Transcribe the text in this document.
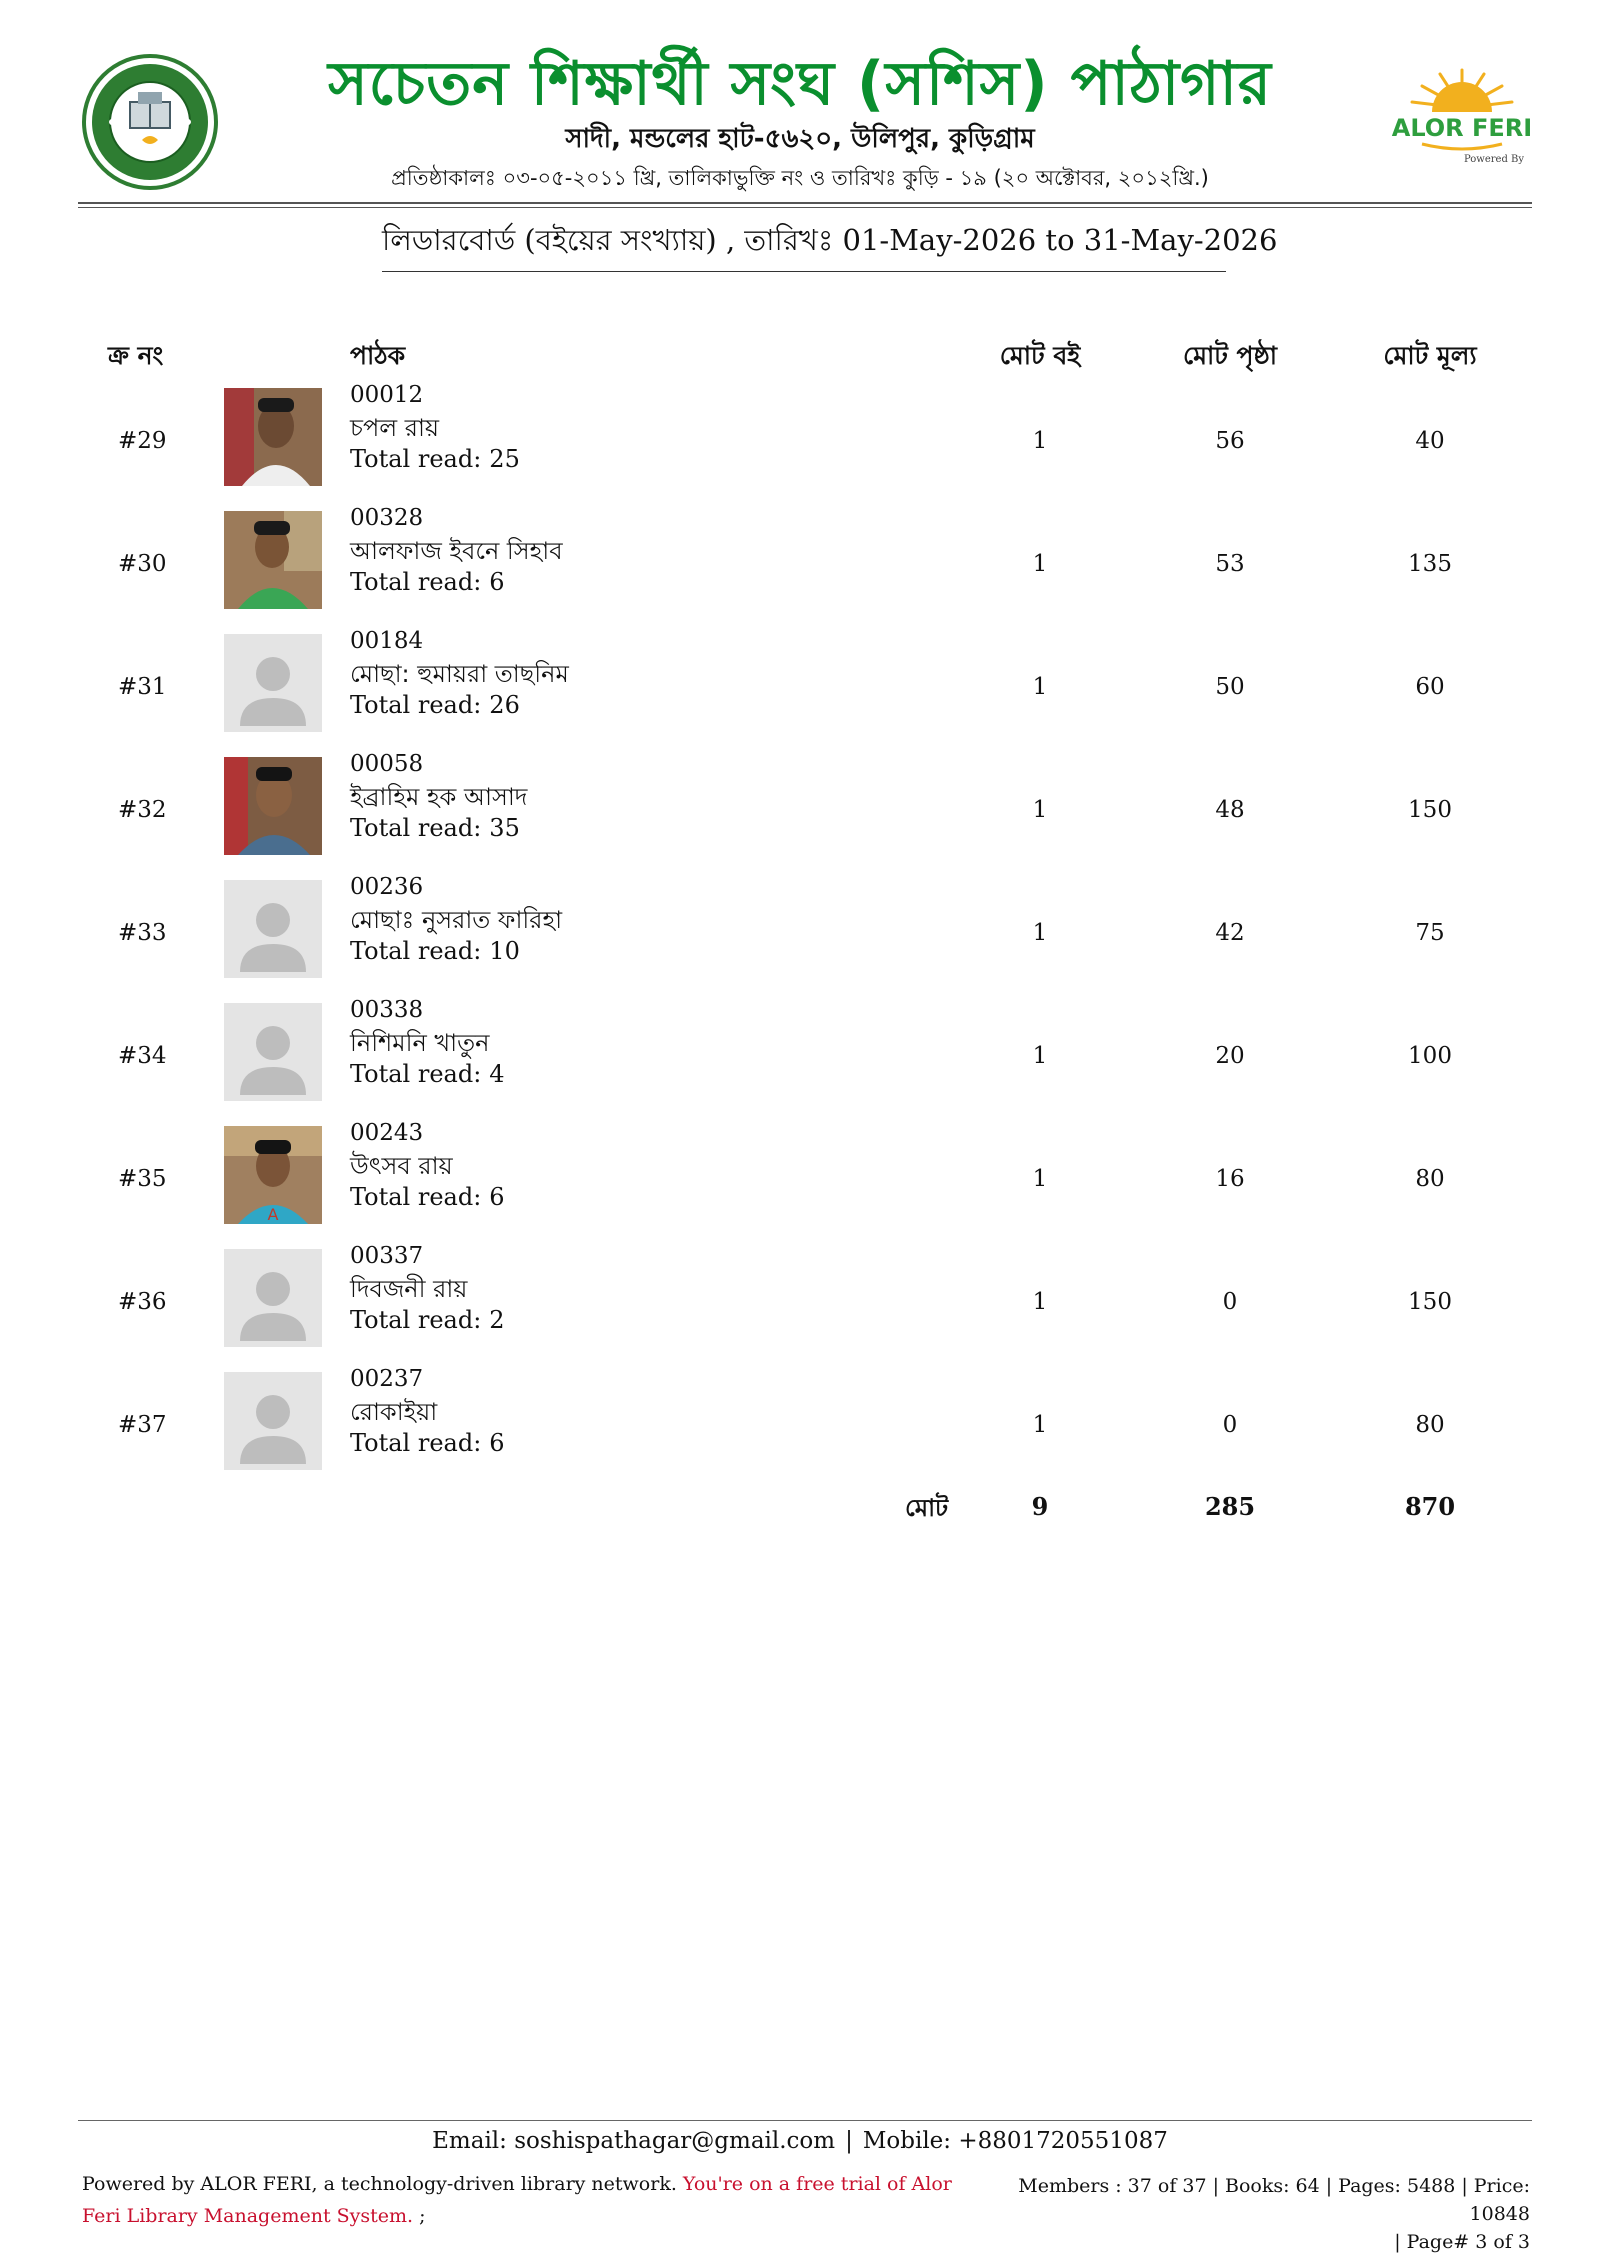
সচেতন শিক্ষার্থী সংঘ (সশিস) পাঠাগার
সাদী, মন্ডলের হাট-৫৬২০, উলিপুর, কুড়িগ্রাম
প্রতিষ্ঠাকালঃ ০৩-০৫-২০১১ খ্রি, তালিকাভুক্তি নং ও তারিখঃ কুড়ি - ১৯ (২০ অক্টোবর, ২০১২খ্রি.)
ALOR FERI
Powered By
লিডারবোর্ড (বইয়ের সংখ্যায়) , তারিখঃ 01-May-2026 to 31-May-2026
ক্র নং	পাঠক	মোট বই	মোট পৃষ্ঠা	মোট মূল্য
#29
00012
চপল রায়
Total read: 25
1	56	40
#30
00328
আলফাজ ইবনে সিহাব
Total read: 6
1	53	135
#31
00184
মোছা: হুমায়রা তাছনিম
Total read: 26
1	50	60
#32
00058
ইব্রাহিম হক আসাদ
Total read: 35
1	48	150
#33
00236
মোছাঃ নুসরাত ফারিহা
Total read: 10
1	42	75
#34
00338
নিশিমনি খাতুন
Total read: 4
1	20	100
#35
A
00243
উৎসব রায়
Total read: 6
1	16	80
#36
00337
দিবজনী রায়
Total read: 2
1	0	150
#37
00237
রোকাইয়া
Total read: 6
1	0	80
মোট	9	285	870
Email: soshispathagar@gmail.com | Mobile: +8801720551087
Powered by ALOR FERI, a technology-driven library network. You're on a free trial of Alor Feri Library Management System. ;
Members : 37 of 37 | Books: 64 | Pages: 5488 | Price: 10848
| Page# 3 of 3
